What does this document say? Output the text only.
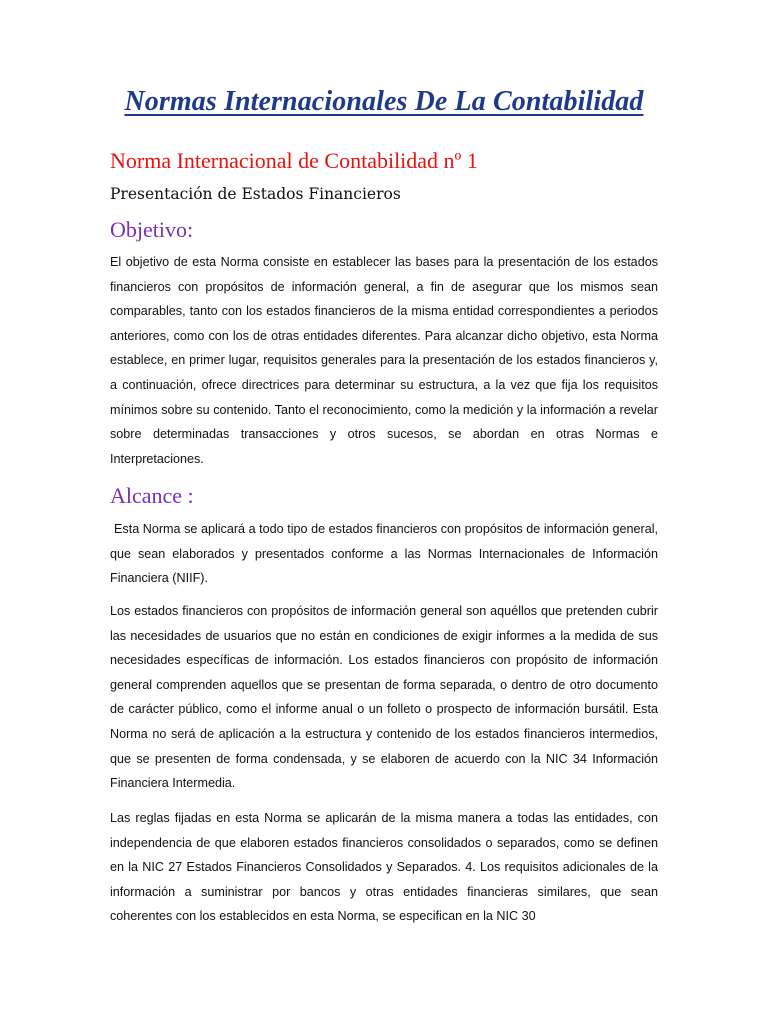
Normas Internacionales De La Contabilidad
Norma Internacional de Contabilidad nº 1
Presentación de Estados Financieros
Objetivo:

El objetivo de esta Norma consiste en establecer las bases para la presentación de los estados financieros con propósitos de información general, a fin de asegurar que los mismos sean comparables, tanto con los estados financieros de la misma entidad correspondientes a periodos anteriores, como con los de otras entidades diferentes. Para alcanzar dicho objetivo, esta Norma establece, en primer lugar, requisitos generales para la presentación de los estados financieros y, a continuación, ofrece directrices para determinar su estructura, a la vez que fija los requisitos mínimos sobre su contenido. Tanto el reconocimiento, como la medición y la información a revelar sobre determinadas transacciones y otros sucesos, se abordan en otras Normas e Interpretaciones.

Alcance :

Esta Norma se aplicará a todo tipo de estados financieros con propósitos de información general, que sean elaborados y presentados conforme a las Normas Internacionales de Información Financiera (NIIF).

Los estados financieros con propósitos de información general son aquéllos que pretenden cubrir las necesidades de usuarios que no están en condiciones de exigir informes a la medida de sus necesidades específicas de información. Los estados financieros con propósito de información general comprenden aquellos que se presentan de forma separada, o dentro de otro documento de carácter público, como el informe anual o un folleto o prospecto de información bursátil. Esta Norma no será de aplicación a la estructura y contenido de los estados financieros intermedios, que se presenten de forma condensada, y se elaboren de acuerdo con la NIC 34 Información Financiera Intermedia.

Las reglas fijadas en esta Norma se aplicarán de la misma manera a todas las entidades, con independencia de que elaboren estados financieros consolidados o separados, como se definen en la NIC 27 Estados Financieros Consolidados y Separados. 4. Los requisitos adicionales de la información a suministrar por bancos y otras entidades financieras similares, que sean coherentes con los establecidos en esta Norma, se especifican en la NIC 30
